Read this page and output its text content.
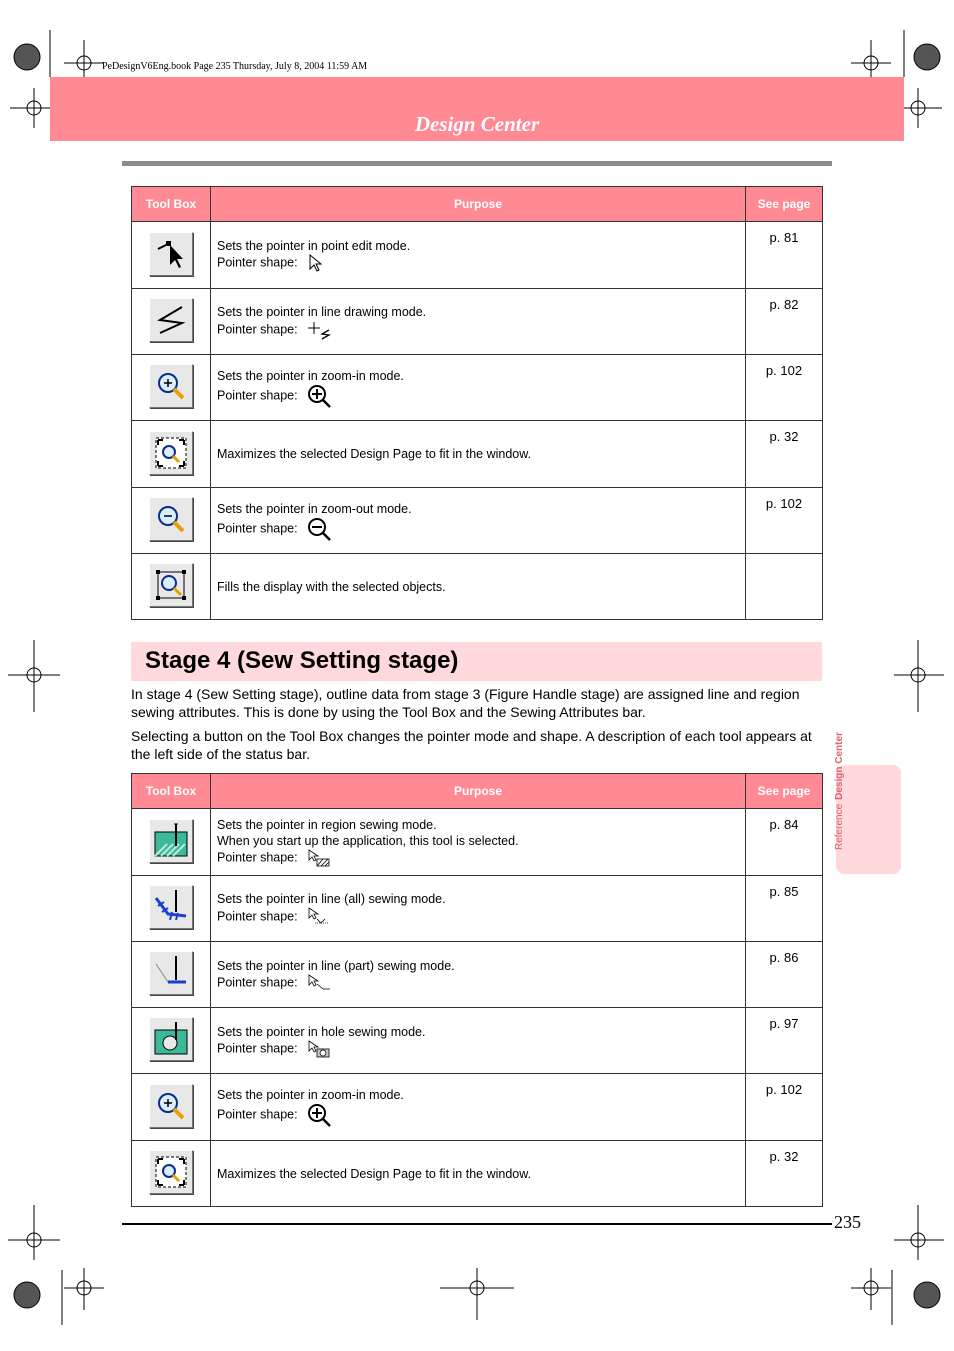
PeDesignV6Eng.book Page 235 Thursday, July 8, 2004 11:59 AM
Design Center
Tool Box	Purpose	See page

Sets the pointer in point edit mode.
Pointer shape:	p. 81

Sets the pointer in line drawing mode.
Pointer shape:	p. 82

Sets the pointer in zoom-in mode.
Pointer shape:	p. 102

Maximizes the selected Design Page to fit in the window.	p. 32

Sets the pointer in zoom-out mode.
Pointer shape:	p. 102

Fills the display with the selected objects.	

Stage 4 (Sew Setting stage)
In stage 4 (Sew Setting stage), outline data from stage 3 (Figure Handle stage) are assigned line and region sewing attributes. This is done by using the Tool Box and the Sewing Attributes bar.
Selecting a button on the Tool Box changes the pointer mode and shape. A description of each tool appears at the left side of the status bar.
Tool Box	Purpose	See page

Sets the pointer in region sewing mode.
When you start up the application, this tool is selected.
Pointer shape:	p. 84

Sets the pointer in line (all) sewing mode.
Pointer shape:	p. 85

Sets the pointer in line (part) sewing mode.
Pointer shape:	p. 86

Sets the pointer in hole sewing mode.
Pointer shape:	p. 97

Sets the pointer in zoom-in mode.
Pointer shape:	p. 102

Maximizes the selected Design Page to fit in the window.	p. 32
ReferenceDesign Center
235
